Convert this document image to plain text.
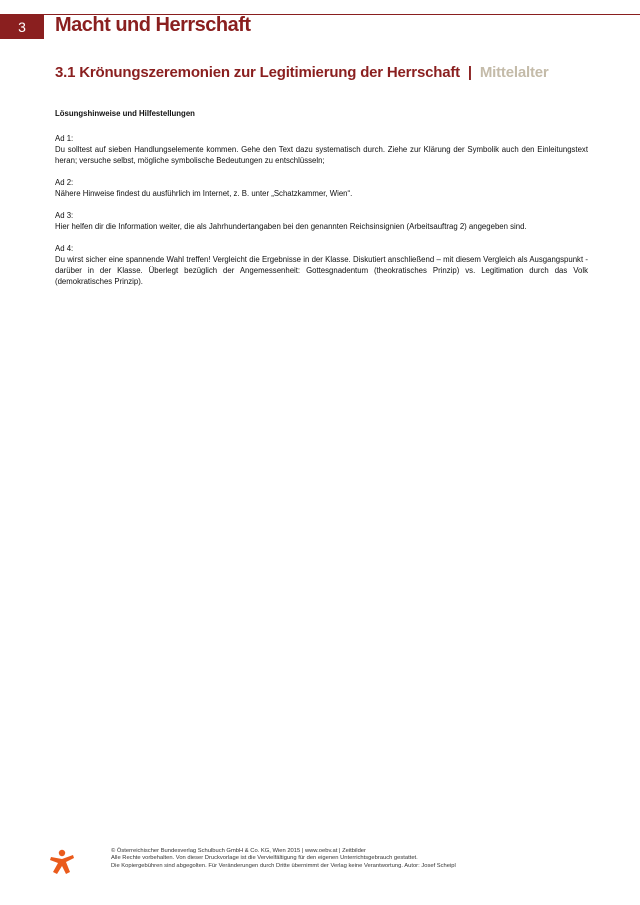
3 Macht und Herrschaft
3.1 Krönungszeremonien zur Legitimierung der Herrschaft | Mittelalter

Lösungshinweise und Hilfestellungen

Ad 1:

Du solltest auf sieben Handlungselemente kommen. Gehe den Text dazu systematisch durch. Ziehe zur Klärung der Symbolik auch den Einleitungstext heran; versuche selbst, mögliche symbolische Bedeutungen zu entschlüsseln;

Ad 2:

Nähere Hinweise findest du ausführlich im Internet, z. B. unter „Schatzkammer, Wien“.

Ad 3:

Hier helfen dir die Information weiter, die als Jahrhundertangaben bei den genannten Reichsinsignien (Arbeitsauftrag 2) angegeben sind.

Ad 4:

Du wirst sicher eine spannende Wahl treffen! Vergleicht die Ergebnisse in der Klasse. Diskutiert anschließend – mit diesem Vergleich als Ausgangspunkt - darüber in der Klasse. Überlegt bezüglich der Angemessenheit: Gottesgnadentum (theokratisches Prinzip) vs. Legitimation durch das Volk (demokratisches Prinzip).

© Österreichischer Bundesverlag Schulbuch GmbH & Co. KG, Wien 2015 | www.oebv.at | Zeitbilder
Alle Rechte vorbehalten. Von dieser Druckvorlage ist die Vervielfältigung für den eigenen Unterrichtsgebrauch gestattet.
Die Kopiergebühren sind abgegolten. Für Veränderungen durch Dritte übernimmt der Verlag keine Verantwortung. Autor: Josef Scheipl
